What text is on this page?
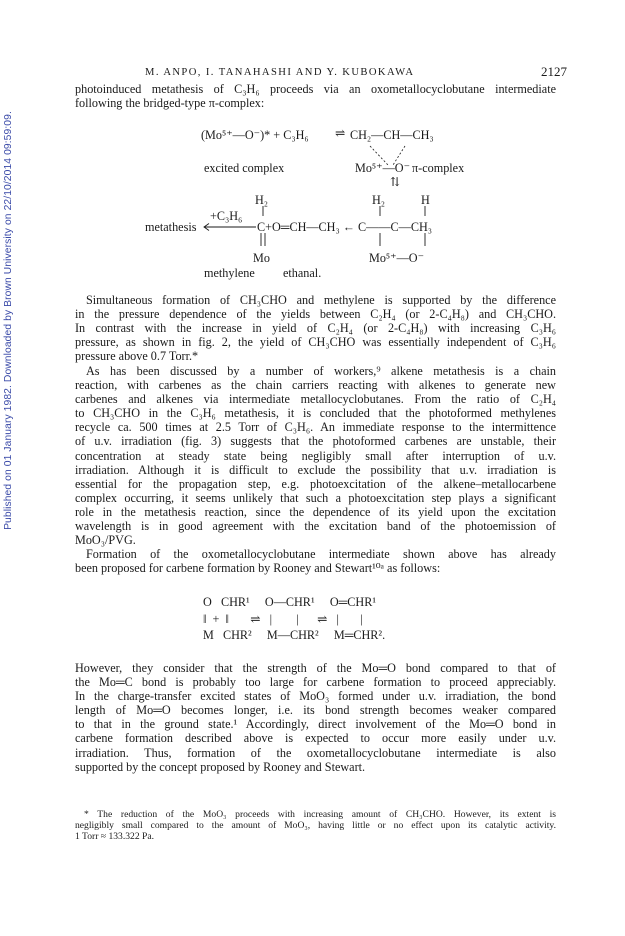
Published on 01 January 1982. Downloaded by Brown University on 22/10/2014 09:59:09.
M. ANPO, I. TANAHASHI AND Y. KUBOKAWA	2127
photoinduced metathesis of C₃H₆ proceeds via an oxometallocyclobutane intermediate
following the bridged-type π-complex:
(Mo⁵⁺—O⁻)* + C₃H₆ ⇌ CH₂—CH—CH₃
excited complex	Mo⁵⁺—O⁻ π-complex
⇅
H₂	H₂	H
+C₃H₆
metathesis	C+O═CH—CH₃ ← C——C—CH₃
Mo	Mo⁵⁺—O⁻
methylene ethanal.
Simultaneous formation of CH₃CHO and methylene is supported by the difference
in the pressure dependence of the yields between C₂H₄ (or 2-C₄H₈) and CH₃CHO.
In contrast with the increase in yield of C₂H₄ (or 2-C₄H₈) with increasing C₃H₆
pressure, as shown in fig. 2, the yield of CH₃CHO was essentially independent of C₃H₆
pressure above 0.7 Torr.*
As has been discussed by a number of workers,⁹ alkene metathesis is a chain
reaction, with carbenes as the chain carriers reacting with alkenes to generate new
carbenes and alkenes via intermediate metallocyclobutanes. From the ratio of C₂H₄
to CH₃CHO in the C₃H₆ metathesis, it is concluded that the photoformed methylenes
recycle ca. 500 times at 2.5 Torr of C₃H₆. An immediate response to the intermittence
of u.v. irradiation (fig. 3) suggests that the photoformed carbenes are unstable, their
concentration at steady state being negligibly small after interruption of u.v.
irradiation. Although it is difficult to exclude the possibility that u.v. irradiation is
essential for the propagation step, e.g. photoexcitation of the alkene–metallocarbene
complex occurring, it seems unlikely that such a photoexcitation step plays a significant
role in the metathesis reaction, since the dependence of its yield upon the excitation
wavelength is in good agreement with the excitation band of the photoemission of
MoO₃/PVG.
Formation of the oxometallocyclobutane intermediate shown above has already
been proposed for carbene formation by Rooney and Stewart¹⁰ᵃ as follows:
O   CHR¹     O—CHR¹     O═CHR¹
‖  +  ‖       ⇌   |        |      ⇌   |       |
M   CHR²     M—CHR²     M═CHR².
However, they consider that the strength of the Mo═O bond compared to that of
the Mo═C bond is probably too large for carbene formation to proceed appreciably.
In the charge-transfer excited states of MoO₃ formed under u.v. irradiation, the bond
length of Mo═O becomes longer, i.e. its bond strength becomes weaker compared
to that in the ground state.¹ Accordingly, direct involvement of the Mo═O bond in
carbene formation described above is expected to occur more easily under u.v.
irradiation. Thus, formation of the oxometallocyclobutane intermediate is also
supported by the concept proposed by Rooney and Stewart.
* The reduction of the MoO₃ proceeds with increasing amount of CH₃CHO. However, its extent is
negligibly small compared to the amount of MoO₃, having little or no effect upon its catalytic activity.
1 Torr ≈ 133.322 Pa.
